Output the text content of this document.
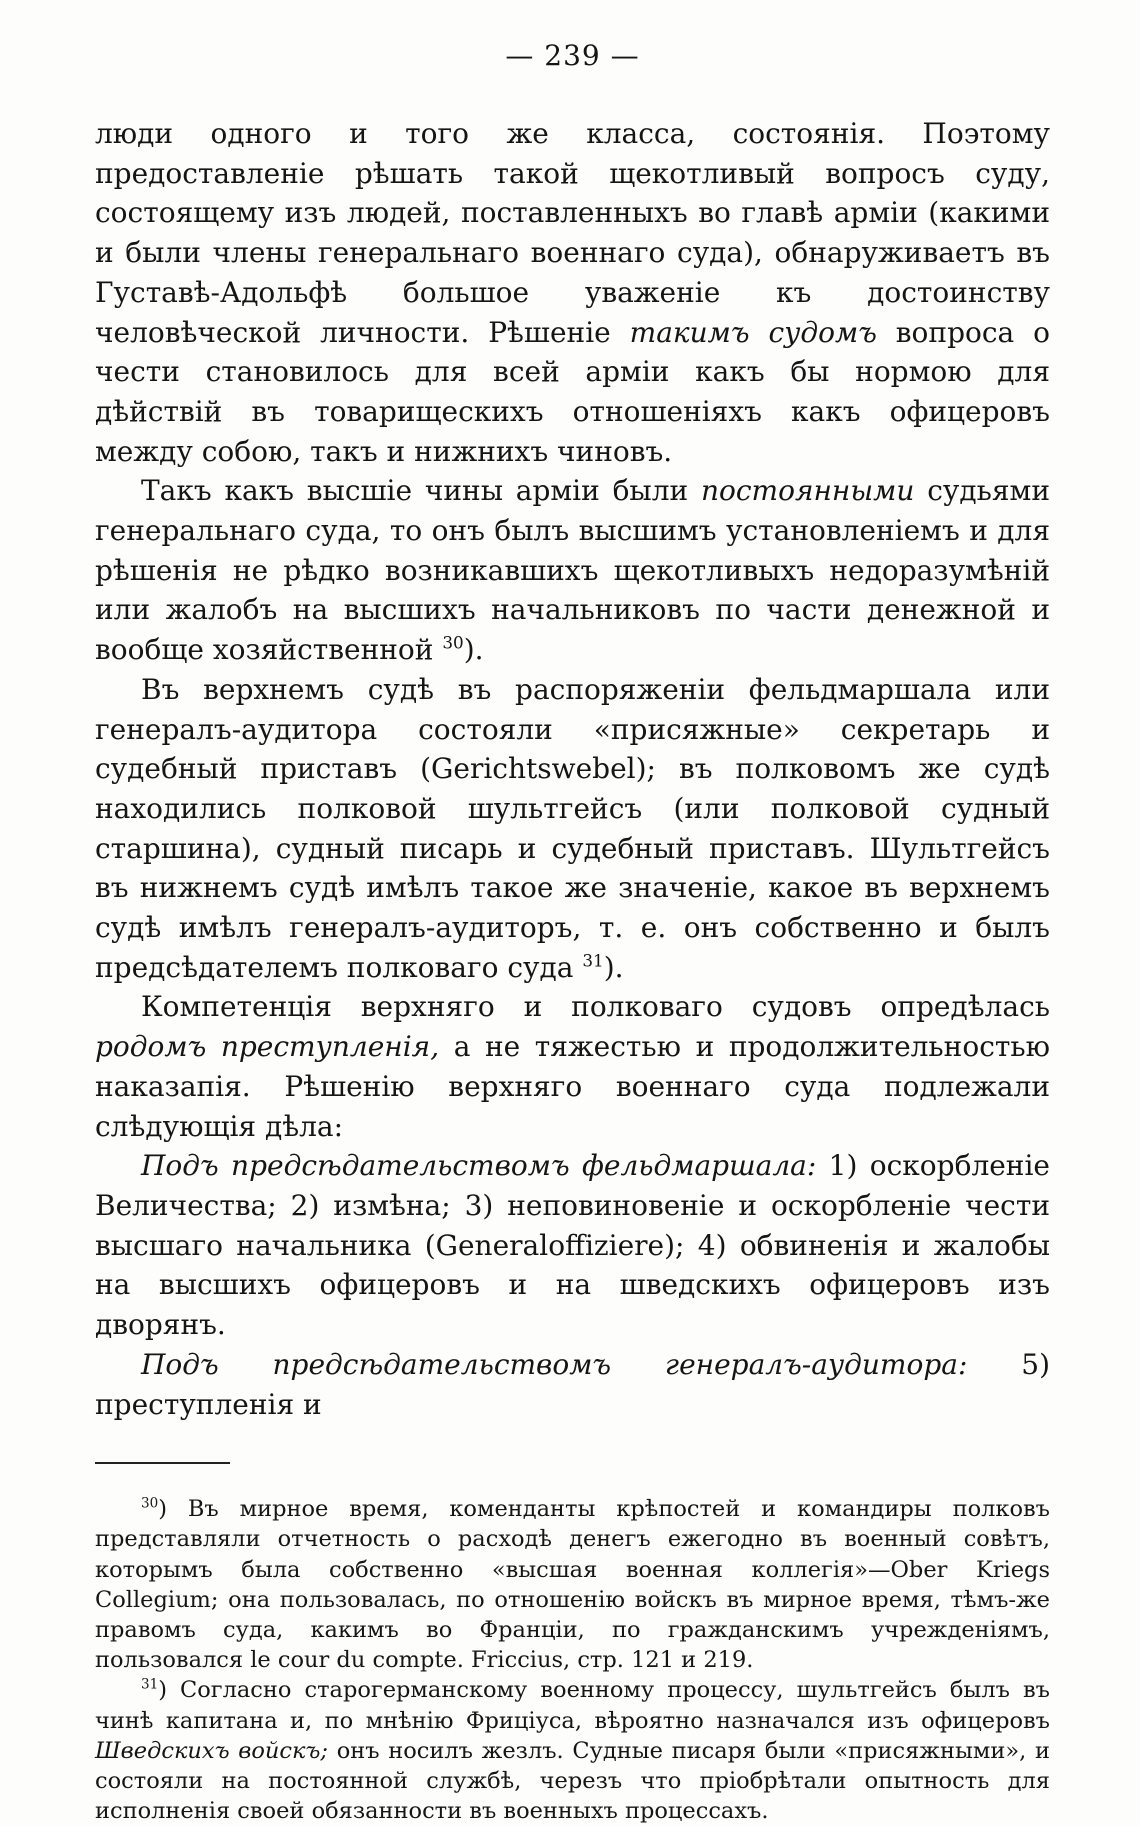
— 239 —

люди одного и того же класса, состоянія. Поэтому предоставленіе рѣшать такой щекотливый вопросъ суду, состоящему изъ людей, поставленныхъ во главѣ арміи (какими и были члены генеральнаго военнаго суда), обнаруживаетъ въ Густавѣ-Адольфѣ большое уваженіе къ достоинству человѣческой личности. Рѣшеніе такимъ судомъ вопроса о чести становилось для всей арміи какъ бы нормою для дѣйствій въ товарищескихъ отношеніяхъ какъ офицеровъ между собою, такъ и нижнихъ чиновъ.

Такъ какъ высшіе чины арміи были постоянными судьями генеральнаго суда, то онъ былъ высшимъ установленіемъ и для рѣшенія не рѣдко возникавшихъ щекотливыхъ недоразумѣній или жалобъ на высшихъ начальниковъ по части денежной и вообще хозяйственной $^{30}$).

Въ верхнемъ судѣ въ распоряженіи фельдмаршала или генералъ-аудитора состояли «присяжные» секретарь и судебный приставъ (Gerichtswebel); въ полковомъ же судѣ находились полковой шультгейсъ (или полковой судный старшина), судный писарь и судебный приставъ. Шультгейсъ въ нижнемъ судѣ имѣлъ такое же значеніе, какое въ верхнемъ судѣ имѣлъ генералъ-аудиторъ, т. е. онъ собственно и былъ предсѣдателемъ полковаго суда $^{31}$).

Компетенція верхняго и полковаго судовъ опредѣлась родомъ преступленія, а не тяжестью и продолжительностью наказапія. Рѣшенію верхняго военнаго суда подлежали слѣдующія дѣла:

Подъ предсѣдательствомъ фельдмаршала: 1) оскорбленіе Величества; 2) измѣна; 3) неповиновеніе и оскорбленіе чести высшаго начальника (Generaloffiziere); 4) обвиненія и жалобы на высшихъ офицеровъ и на шведскихъ офицеровъ изъ дворянъ.

Подъ предсѣдательствомъ генералъ-аудитора: 5) преступленія и

$^{30}$) Въ мирное время, коменданты крѣпостей и командиры полковъ представляли отчетность о расходѣ денегъ ежегодно въ военный совѣтъ, которымъ была собственно «высшая военная коллегія»—Ober Kriegs Collegium; она пользовалась, по отношенію войскъ въ мирное время, тѣмъ-же правомъ суда, какимъ во Франціи, по гражданскимъ учрежденіямъ, пользовался le cour du compte. Friccius, стр. 121 и 219.

$^{31}$) Согласно старогерманскому военному процессу, шультгейсъ былъ въ чинѣ капитана и, по мнѣнію Фриціуса, вѣроятно назначался изъ офицеровъ Шведскихъ войскъ; онъ носилъ жезлъ. Судные писаря были «присяжными», и состояли на постоянной службѣ, черезъ что пріобрѣтали опытность для исполненія своей обязанности въ военныхъ процессахъ.
